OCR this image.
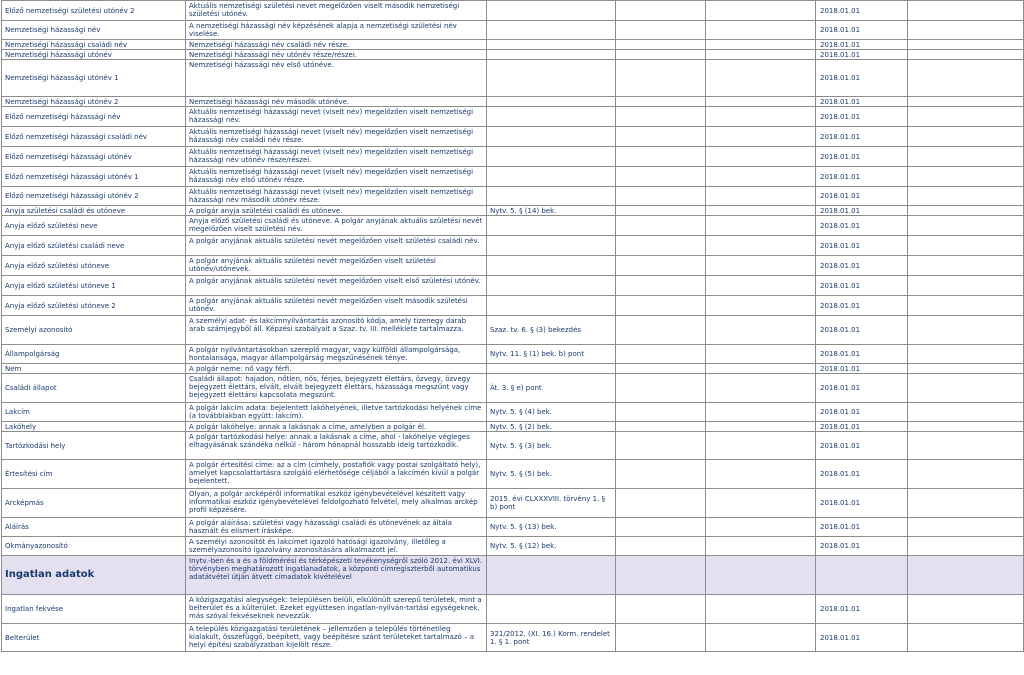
Előző nemzetiségi születési utónév 2	Aktuális nemzetiségi születési nevet megelőzően viselt második nemzetiségi születési utónév.				2018.01.01	
Nemzetiségi házassági név	A nemzetiségi házassági név képzésének alapja a nemzetiségi születési név viselése.				2018.01.01	
Nemzetiségi házassági családi név	Nemzetiségi házassági név családi név része.				2018.01.01	
Nemzetiségi házassági utónév	Nemzetiségi házassági név utónév része/részei.				2018.01.01	
Nemzetiségi házassági utónév 1	Nemzetiségi házassági név első utónéve.				2018.01.01	
Nemzetiségi házassági utónév 2	Nemzetiségi házassági név második utónéve.				2018.01.01	
Előző nemzetiségi házassági név	Aktuális nemzetiségi házassági nevet (viselt név) megelőzően viselt nemzetiségi házassági név.				2018.01.01	
Előző nemzetiségi házassági családi név	Aktuális nemzetiségi házassági nevet (viselt név) megelőzően viselt nemzetiségi házassági név családi név része.				2018.01.01	
Előző nemzetiségi házassági utónév	Aktuális nemzetiségi házassági nevet (viselt név) megelőzően viselt nemzetiségi házassági név utónév része/részei.				2018.01.01	
Előző nemzetiségi házassági utónév 1	Aktuális nemzetiségi házassági nevet (viselt név) megelőzően viselt nemzetiségi házassági név első utónév része.				2018.01.01	
Előző nemzetiségi házassági utónév 2	Aktuális nemzetiségi házassági nevet (viselt név) megelőzően viselt nemzetiségi házassági név második utónév része.				2018.01.01	
Anyja születési családi és utóneve	A polgár anyja születési családi és utóneve.	Nytv. 5. § (14) bek.			2018.01.01	
Anyja előző születési neve	Anyja előző születési családi és utóneve. A polgár anyjának aktuális születési nevét megelőzően viselt születési név.				2018.01.01	
Anyja előző születési családi neve	A polgár anyjának aktuális születési nevét megelőzően viselt születési családi név.				2018.01.01	
Anyja előző születési utóneve	A polgár anyjának aktuális születési nevét megelőzően viselt születési utónév/utónevek.				2018.01.01	
Anyja előző születési utóneve 1	A polgár anyjának aktuális születési nevét megelőzően viselt első születési utónév.				2018.01.01	
Anyja előző születési utóneve 2	A polgár anyjának aktuális születési nevét megelőzően viselt második születési utónév.				2018.01.01	
Személyi azonosító	A személyi adat- és lakcímnyilvántartás azonosító kódja, amely tizenegy darab arab számjegyből áll. Képzési szabályait a Szaz. tv. III. melléklete tartalmazza.	Szaz. tv. 6. § (3) bekezdés			2018.01.01	
Állampolgárság	A polgár nyilvántartásokban szereplő magyar, vagy külföldi állampolgársága, hontalansága, magyar állampolgárság megszűnésének ténye.	Nytv. 11. § (1) bek. b) pont			2018.01.01	
Nem	A polgár neme: nő vagy férfi.				2018.01.01	
Családi állapot	Családi állapot: hajadon, nőtlen, nős, férjes, bejegyzett élettárs, özvegy, özvegy bejegyzett élettárs, elvált, elvált bejegyzett élettárs, házassága megszűnt vagy bejegyzett élettársi kapcsolata megszűnt.	Át. 3. § e) pont			2018.01.01	
Lakcím	A polgár lakcím adata: bejelentett lakóhelyének, illetve tartózkodási helyének címe (a továbbiakban együtt: lakcím).	Nytv. 5. § (4) bek.			2018.01.01	
Lakóhely	A polgár lakóhelye: annak a lakásnak a címe, amelyben a polgár él.	Nytv. 5. § (2) bek.			2018.01.01	
Tartózkodási hely	A polgár tartózkodási helye: annak a lakásnak a címe, ahol - lakóhelye végleges elhagyásának szándéka nélkül - három hónapnál hosszabb ideig tartózkodik.	Nytv. 5. § (3) bek.			2018.01.01	
Értesítési cím	A polgár értesítési címe: az a cím (címhely, postafiók vagy postai szolgáltató hely), amelyet kapcsolattartásra szolgáló elérhetősége céljából a lakcímén kívül a polgár bejelentett.	Nytv. 5. § (5) bek.			2018.01.01	
Arcképmás	Olyan, a polgár arcképéről informatikai eszköz igénybevételével készített vagy informatikai eszköz igénybevételével feldolgozható felvétel, mely alkalmas arckép profil képzésére.	2015. évi CLXXXVIII. törvény 1. § b) pont			2018.01.01	
Aláírás	A polgár aláírása: születési vagy házassági családi és utónevének az általa használt és elismert írásképe.	Nytv. 5. § (13) bek.			2018.01.01	
Okmányazonosító	A személyi azonosítót és lakcímet igazoló hatósági igazolvány, illetőleg a személyazonosító igazolvány azonosítására alkalmazott jel.	Nytv. 5. § (12) bek.			2018.01.01	
Ingatlan adatok	Inytv.-ben és a és a földmérési és térképészeti tevékenységről szóló 2012. évi XLVI. törvényben meghatározott ingatlanadatok, a központi címregiszterből automatikus adatátvétel útján átvett címadatok kivételével					
Ingatlan fekvése	A közigazgatási alegységek: településen belüli, elkülönült szerepű területek, mint a belterület és a külterület. Ezeket együttesen ingatlan-nyilván-tartási egységeknek, más szóval fekvéseknek nevezzük.				2018.01.01	
Belterület	A település közigazgatási területének – jellemzően a település történetileg kialakult, összefüggő, beépített, vagy beépítésre szánt területeket tartalmazó – a helyi építési szabályzatban kijelölt része.	321/2012. (XI. 16.) Korm. rendelet 1. § 1. pont			2018.01.01	
